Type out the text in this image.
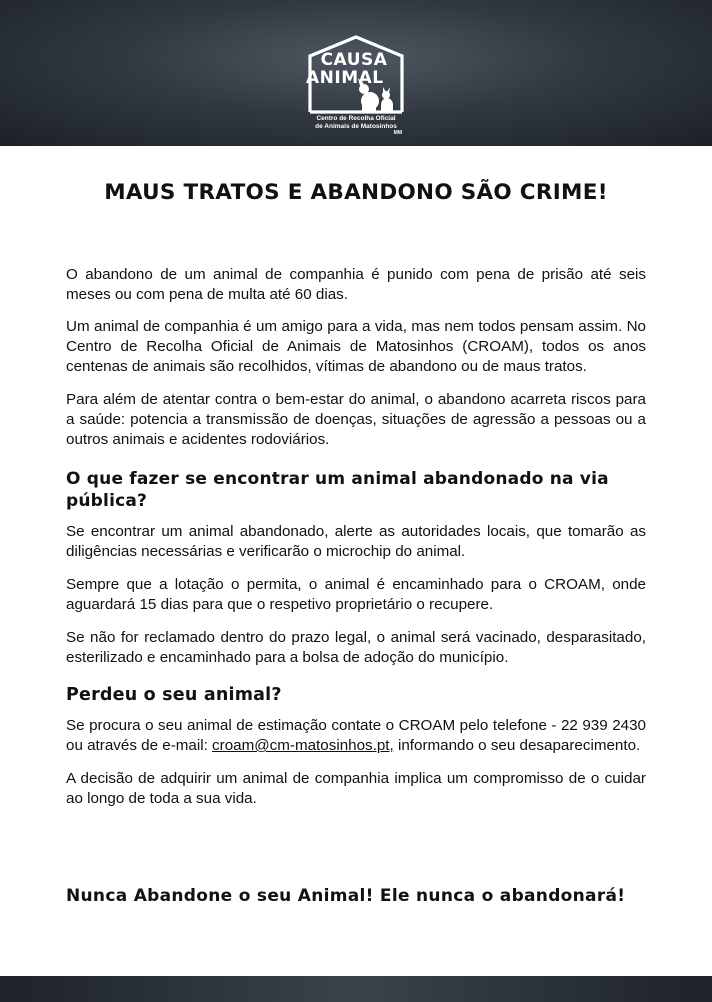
CAUSA
ANIMAL
Centro de Recolha Oficial
de Animais de Matosinhos
MM
MAUS TRATOS E ABANDONO SÃO CRIME!

O abandono de um animal de companhia é punido com pena de prisão até seis meses ou com pena de multa até 60 dias.

Um animal de companhia é um amigo para a vida, mas nem todos pensam assim. No Centro de Recolha Oficial de Animais de Matosinhos (CROAM), todos os anos centenas de animais são recolhidos, vítimas de abandono ou de maus tratos.

Para além de atentar contra o bem-estar do animal, o abandono acarreta riscos para a saúde: potencia a transmissão de doenças, situações de agressão a pessoas ou a outros animais e acidentes rodoviários.

O que fazer se encontrar um animal abandonado na via pública?

Se encontrar um animal abandonado, alerte as autoridades locais, que tomarão as diligências necessárias e verificarão o microchip do animal.

Sempre que a lotação o permita, o animal é encaminhado para o CROAM, onde aguardará 15 dias para que o respetivo proprietário o recupere.

Se não for reclamado dentro do prazo legal, o animal será vacinado, desparasitado, esterilizado e encaminhado para a bolsa de adoção do município.

Perdeu o seu animal?

Se procura o seu animal de estimação contate o CROAM pelo telefone - 22 939 2430 ou através de e-mail: croam@cm-matosinhos.pt, informando o seu desaparecimento.

A decisão de adquirir um animal de companhia implica um compromisso de o cuidar ao longo de toda a sua vida.

Nunca Abandone o seu Animal! Ele nunca o abandonará!
